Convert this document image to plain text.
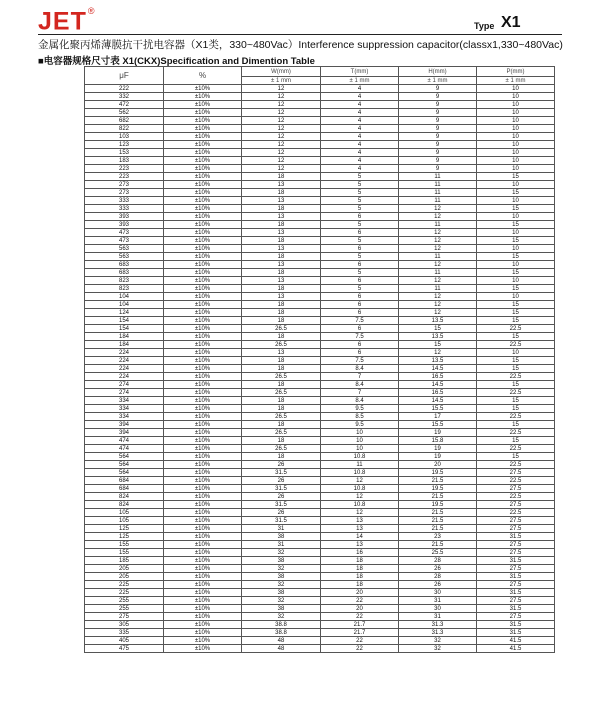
JET®
Type X1
金属化聚丙烯薄膜抗干扰电容器（X1类，330~480Vac）Interference suppression capacitor(classx1,330~480Vac)
■电容器规格尺寸表 X1(CKX)Specification and Dimention Table
μF	%	W(mm)	T(mm)	H(mm)	P(mm)
		± 1 mm	± 1 mm	± 1 mm	± 1 mm
222	±10%	12	4	9	10
332	±10%	12	4	9	10
472	±10%	12	4	9	10
562	±10%	12	4	9	10
682	±10%	12	4	9	10
822	±10%	12	4	9	10
103	±10%	12	4	9	10
123	±10%	12	4	9	10
153	±10%	12	4	9	10
183	±10%	12	4	9	10
223	±10%	12	4	9	10
223	±10%	18	5	11	15
273	±10%	13	5	11	10
273	±10%	18	5	11	15
333	±10%	13	5	11	10
333	±10%	18	5	12	15
393	±10%	13	6	12	10
393	±10%	18	5	11	15
473	±10%	13	6	12	10
473	±10%	18	5	12	15
563	±10%	13	6	12	10
563	±10%	18	5	11	15
683	±10%	13	6	12	10
683	±10%	18	5	11	15
823	±10%	13	6	12	10
823	±10%	18	5	11	15
104	±10%	13	6	12	10
104	±10%	18	6	12	15
124	±10%	18	6	12	15
154	±10%	18	7.5	13.5	15
154	±10%	26.5	6	15	22.5
184	±10%	18	7.5	13.5	15
184	±10%	26.5	6	15	22.5
224	±10%	13	6	12	10
224	±10%	18	7.5	13.5	15
224	±10%	18	8.4	14.5	15
224	±10%	26.5	7	16.5	22.5
274	±10%	18	8.4	14.5	15
274	±10%	26.5	7	16.5	22.5
334	±10%	18	8.4	14.5	15
334	±10%	18	9.5	15.5	15
334	±10%	26.5	8.5	17	22.5
394	±10%	18	9.5	15.5	15
394	±10%	26.5	10	19	22.5
474	±10%	18	10	15.8	15
474	±10%	26.5	10	19	22.5
564	±10%	18	10.8	19	15
564	±10%	26	11	20	22.5
564	±10%	31.5	10.8	19.5	27.5
684	±10%	26	12	21.5	22.5
684	±10%	31.5	10.8	19.5	27.5
824	±10%	26	12	21.5	22.5
824	±10%	31.5	10.8	19.5	27.5
105	±10%	26	12	21.5	22.5
105	±10%	31.5	13	21.5	27.5
125	±10%	31	13	21.5	27.5
125	±10%	38	14	23	31.5
155	±10%	31	13	21.5	27.5
155	±10%	32	16	25.5	27.5
185	±10%	38	18	28	31.5
205	±10%	32	18	26	27.5
205	±10%	38	18	28	31.5
225	±10%	32	18	26	27.5
225	±10%	38	20	30	31.5
255	±10%	32	22	31	27.5
255	±10%	38	20	30	31.5
275	±10%	32	22	31	27.5
305	±10%	38.8	21.7	31.3	31.5
335	±10%	38.8	21.7	31.3	31.5
405	±10%	48	22	32	41.5
475	±10%	48	22	32	41.5
